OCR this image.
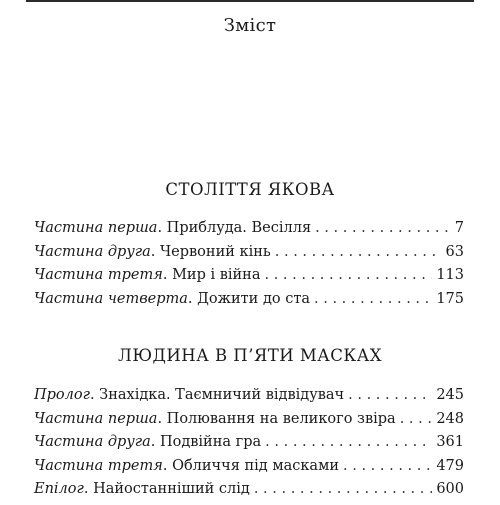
Зміст
СТОЛІТТЯ ЯКОВА
Частина перша . Приблуда. Весілля . . .	7
Частина друга . Червоний кінь . . .	63
Частина третя . Мир і війна . . .	113
Частина четверта . Дожити до ста . . .	175
ЛЮДИНА В П’ЯТИ МАСКАХ
Пролог . Знахідка. Таємничий відвідувач . . .	245
Частина перша . Полювання на великого звіра . . .	248
Частина друга . Подвійна гра . . .	361
Частина третя . Обличчя під масками . . .	479
Епілог . Найостанніший слід . . .	600
